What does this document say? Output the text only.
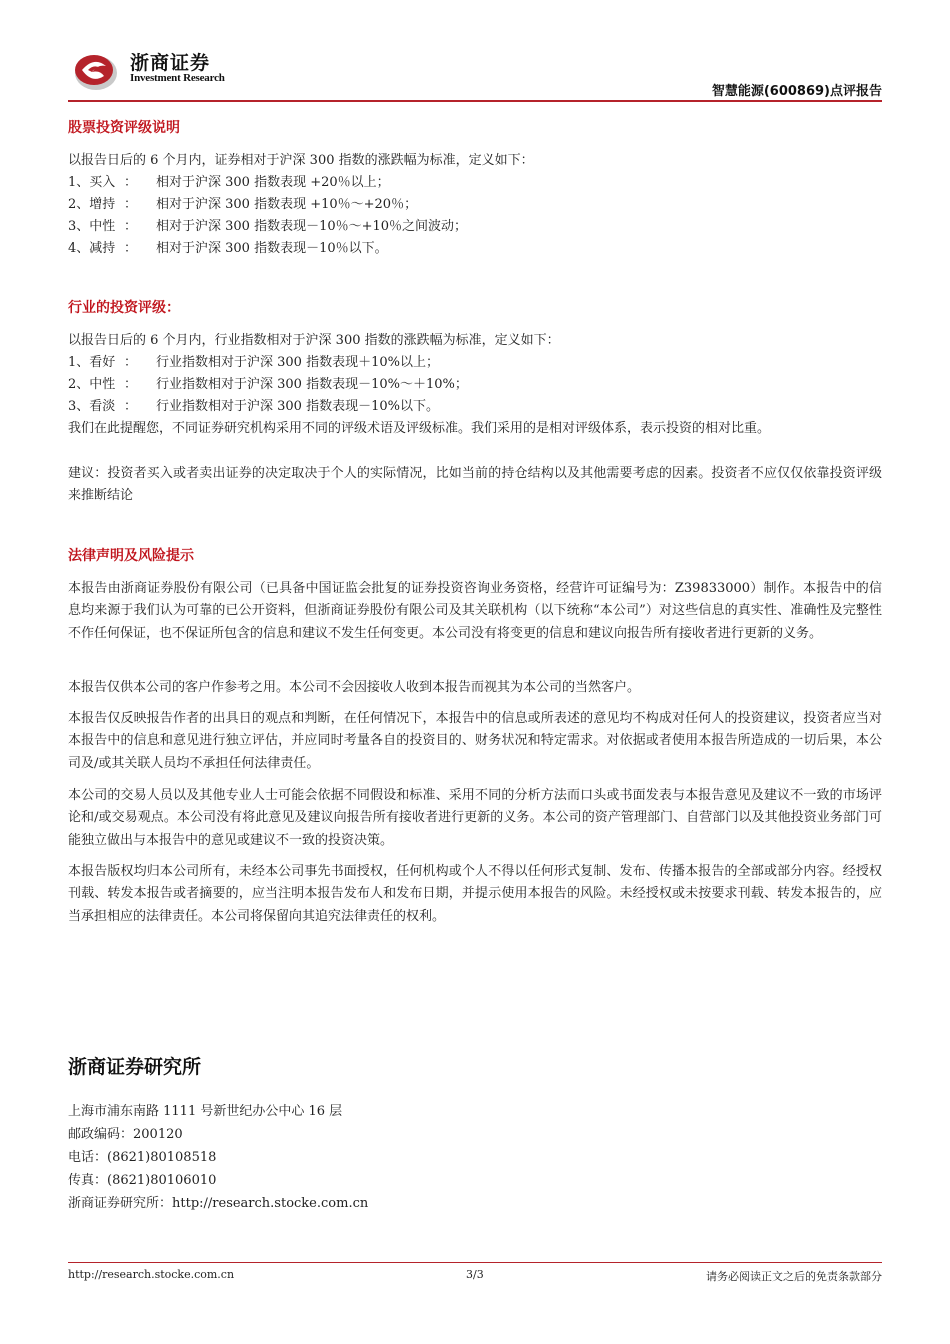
浙商证券
Investment Research
智慧能源(600869)点评报告
股票投资评级说明
以报告日后的 6 个月内，证券相对于沪深 300 指数的涨跌幅为标准，定义如下：
1、买入 ： 相对于沪深 300 指数表现 +20％以上；
2、增持 ： 相对于沪深 300 指数表现 +10％～+20％；
3、中性 ： 相对于沪深 300 指数表现－10％～+10％之间波动；
4、减持 ： 相对于沪深 300 指数表现－10％以下。
行业的投资评级：
以报告日后的 6 个月内，行业指数相对于沪深 300 指数的涨跌幅为标准，定义如下：
1、看好 ： 行业指数相对于沪深 300 指数表现＋10%以上；
2、中性 ： 行业指数相对于沪深 300 指数表现－10%～＋10%；
3、看淡 ： 行业指数相对于沪深 300 指数表现－10%以下。
我们在此提醒您，不同证券研究机构采用不同的评级术语及评级标准。我们采用的是相对评级体系，表示投资的相对比重。
建议：投资者买入或者卖出证券的决定取决于个人的实际情况，比如当前的持仓结构以及其他需要考虑的因素。投资者不应仅仅依靠投资评级来推断结论
法律声明及风险提示
本报告由浙商证券股份有限公司（已具备中国证监会批复的证券投资咨询业务资格，经营许可证编号为：Z39833000）制作。本报告中的信息均来源于我们认为可靠的已公开资料，但浙商证券股份有限公司及其关联机构（以下统称“本公司”）对这些信息的真实性、准确性及完整性不作任何保证，也不保证所包含的信息和建议不发生任何变更。本公司没有将变更的信息和建议向报告所有接收者进行更新的义务。
本报告仅供本公司的客户作参考之用。本公司不会因接收人收到本报告而视其为本公司的当然客户。
本报告仅反映报告作者的出具日的观点和判断，在任何情况下，本报告中的信息或所表述的意见均不构成对任何人的投资建议，投资者应当对本报告中的信息和意见进行独立评估，并应同时考量各自的投资目的、财务状况和特定需求。对依据或者使用本报告所造成的一切后果，本公司及/或其关联人员均不承担任何法律责任。
本公司的交易人员以及其他专业人士可能会依据不同假设和标准、采用不同的分析方法而口头或书面发表与本报告意见及建议不一致的市场评论和/或交易观点。本公司没有将此意见及建议向报告所有接收者进行更新的义务。本公司的资产管理部门、自营部门以及其他投资业务部门可能独立做出与本报告中的意见或建议不一致的投资决策。
本报告版权均归本公司所有，未经本公司事先书面授权，任何机构或个人不得以任何形式复制、发布、传播本报告的全部或部分内容。经授权刊载、转发本报告或者摘要的，应当注明本报告发布人和发布日期，并提示使用本报告的风险。未经授权或未按要求刊载、转发本报告的，应当承担相应的法律责任。本公司将保留向其追究法律责任的权利。
浙商证券研究所
上海市浦东南路 1111 号新世纪办公中心 16 层
邮政编码：200120
电话：(8621)80108518
传真：(8621)80106010
浙商证券研究所：http://research.stocke.com.cn
http://research.stocke.com.cn	3/3	请务必阅读正文之后的免责条款部分
